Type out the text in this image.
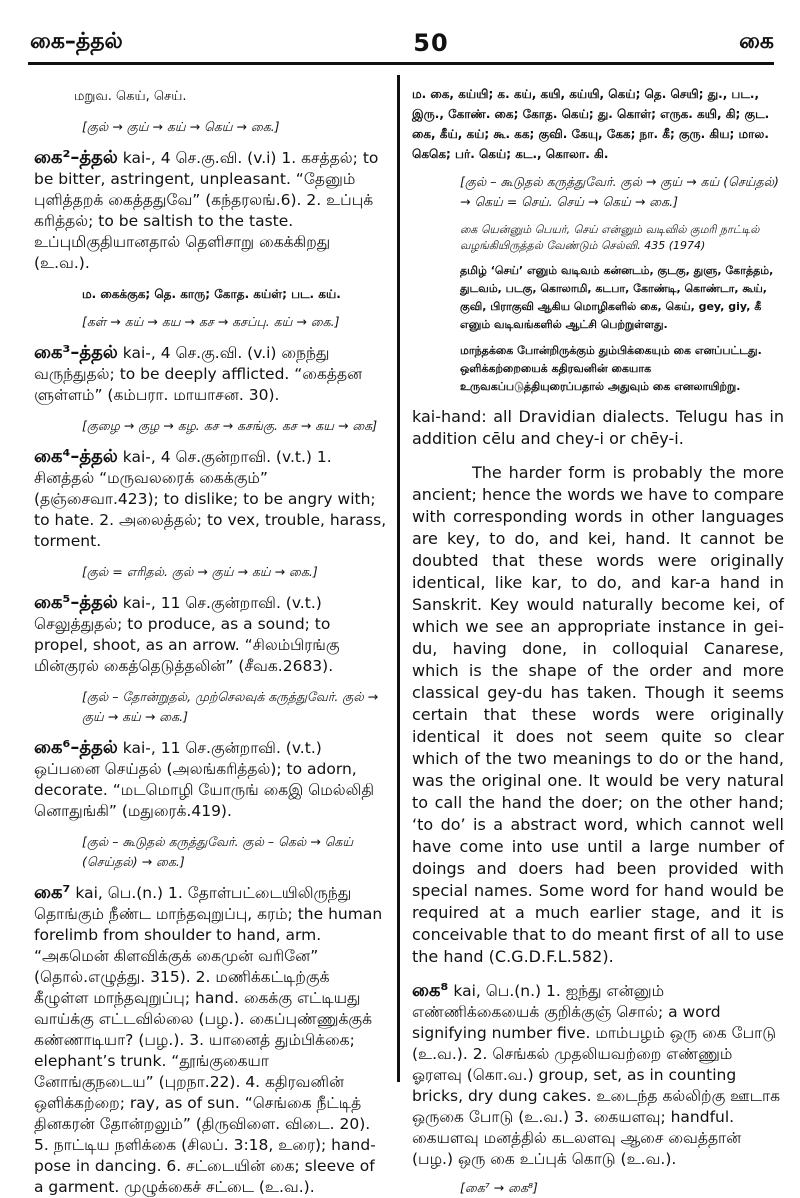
கை–த்தல்	50	கை
மறுவ. கெய், செய்.
[குல் → குய் → கய் → கெய் → கை.]
கை²–த்தல் kai-, 4 செ.கு.வி. (v.i) 1. கசத்தல்; to be bitter, astringent, unpleasant. “தேனும் புளித்தறக் கைத்ததுவே” (கந்தரலங்.6). 2. உப்புக் கரித்தல்; to be saltish to the taste. உப்புமிகுதியானதால் தெளிசாறு கைக்கிறது (உ.வ.).
ம. கைக்குக; தெ. காரு; கோத. கய்ள்; பட. கய்.
[கள் → கய் → கய → கச → கசப்பு. கய் → கை.]
கை³–த்தல் kai-, 4 செ.கு.வி. (v.i) நைந்து வருந்துதல்; to be deeply afflicted. “கைத்தன ளுள்ளம்” (கம்பரா. மாயாசன. 30).
[குழை → குழ → கழ. கச → கசங்கு. கச → கய → கை]
கை⁴–த்தல் kai-, 4 செ.குன்றாவி. (v.t.) 1. சினத்தல் “மருவலரைக் கைக்கும்” (தஞ்சைவா.423); to dislike; to be angry with; to hate. 2. அலைத்தல்; to vex, trouble, harass, torment.
[குல் = எரிதல். குல் → குய் → கய் → கை.]
கை⁵–த்தல் kai-, 11 செ.குன்றாவி. (v.t.) செலுத்துதல்; to produce, as a sound; to propel, shoot, as an arrow. “சிலம்பிரங்கு மின்குரல் கைத்தெடுத்தலின்” (சீவக.2683).
[குல் – தோன்றுதல், முற்செலவுக் கருத்துவேர். குல் → குய் → கய் → கை.]
கை⁶–த்தல் kai-, 11 செ.குன்றாவி. (v.t.) ஒப்பனை செய்தல் (அலங்கரித்தல்); to adorn, decorate. “மடமொழி யோருங் கைஇ மெல்லிதி னொதுங்கி” (மதுரைக்.419).
[குல் – கூடுதல் கருத்துவேர். குல் – கெல் → கெய் (செய்தல்) → கை.]
கை⁷ kai, பெ.(n.) 1. தோள்பட்டையிலிருந்து தொங்கும் நீண்ட மாந்தவுறுப்பு, கரம்; the human forelimb from shoulder to hand, arm. “அகமென் கிளவிக்குக் கைமுன் வரினே” (தொல்.எழுத்து. 315). 2. மணிக்கட்டிற்குக் கீழுள்ள மாந்தவுறுப்பு; hand. கைக்கு எட்டியது வாய்க்கு எட்டவில்லை (பழ.). கைப்புண்ணுக்குக் கண்ணாடியா? (பழ.). 3. யானைத் தும்பிக்கை; elephant’s trunk. “தூங்குகையா னோங்குநடைய” (புறநா.22). 4. கதிரவனின் ஒளிக்கற்றை; ray, as of sun. “செங்கை நீட்டித் தினகரன் தோன்றலும்” (திருவிளை. விடை. 20). 5. நாட்டிய நளிக்கை (சிலப். 3:18, உரை); hand-pose in dancing. 6. சட்டையின் கை; sleeve of a garment. முழுக்கைச் சட்டை (உ.வ.).
ம. கை, கய்யி; க. கய், கயி, கய்யி, கெய்; தெ. செயி; து., பட., இரு., கோண். கை; கோத. கெய்; து. கொள்; எருக. கயி, கி; குட. கை, கீய், கய்; கூ. கக; குவி. கேயு, கேக; நா. கீ; குரு. கிய; மால. கெகெ; பர். கெய்; கட., கொலா. கி.
[குல் – கூடுதல் கருத்துவேர். குல் → குய் → கய் (செய்தல்) → கெய் = செய். செய் → கெய் → கை.]
கை யென்னும் பெயர், செய் என்னும் வடிவில் குமரி நாட்டில் வழங்கியிருத்தல் வேண்டும் செல்வி. 435 (1974)
தமிழ் ‘செய்’ எனும் வடிவம் கன்னடம், குடகு, துளு, கோத்தம், துடவம், படகு, கொலாமி, கடபா, கோண்டி, கொண்டா, கூய், குவி, பிராகுவி ஆகிய மொழிகளில் கை, கெய், gey, giy, கீ எனும் வடிவங்களில் ஆட்சி பெற்றுள்ளது.
மாந்தக்கை போன்றிருக்கும் தும்பிக்கையும் கை எனப்பட்டது. ஒளிக்கற்றையைக் கதிரவனின் கையாக உருவகப்படுத்தியுரைப்பதால் அதுவும் கை எனலாயிற்று.
kai-hand: all Dravidian dialects. Telugu has in addition cēlu and chey-i or chēy-i.
The harder form is probably the more ancient; hence the words we have to compare with corresponding words in other languages are key, to do, and kei, hand. It cannot be doubted that these words were originally identical, like kar, to do, and kar-a hand in Sanskrit. Key would naturally become kei, of which we see an appropriate instance in gei-du, having done, in colloquial Canarese, which is the shape of the order and more classical gey-du has taken. Though it seems certain that these words were originally identical it does not seem quite so clear which of the two meanings to do or the hand, was the original one. It would be very natural to call the hand the doer; on the other hand; ‘to do’ is a abstract word, which cannot well have come into use until a large number of doings and doers had been provided with special names. Some word for hand would be required at a much earlier stage, and it is conceivable that to do meant first of all to use the hand (C.G.D.F.L.582).
கை⁸ kai, பெ.(n.) 1. ஐந்து என்னும் எண்ணிக்கையைக் குறிக்குஞ் சொல்; a word signifying number five. மாம்பழம் ஒரு கை போடு (உ.வ.). 2. செங்கல் முதலியவற்றை எண்ணும் ஓரளவு (கொ.வ.) group, set, as in counting bricks, dry dung cakes. உடைந்த கல்லிற்கு ஊடாக ஒருகை போடு (உ.வ.) 3. கையளவு; handful. கையளவு மனத்தில் கடலளவு ஆசை வைத்தான் (பழ.) ஒரு கை உப்புக் கொடு (உ.வ.).
[கை⁷ → கை⁸]
